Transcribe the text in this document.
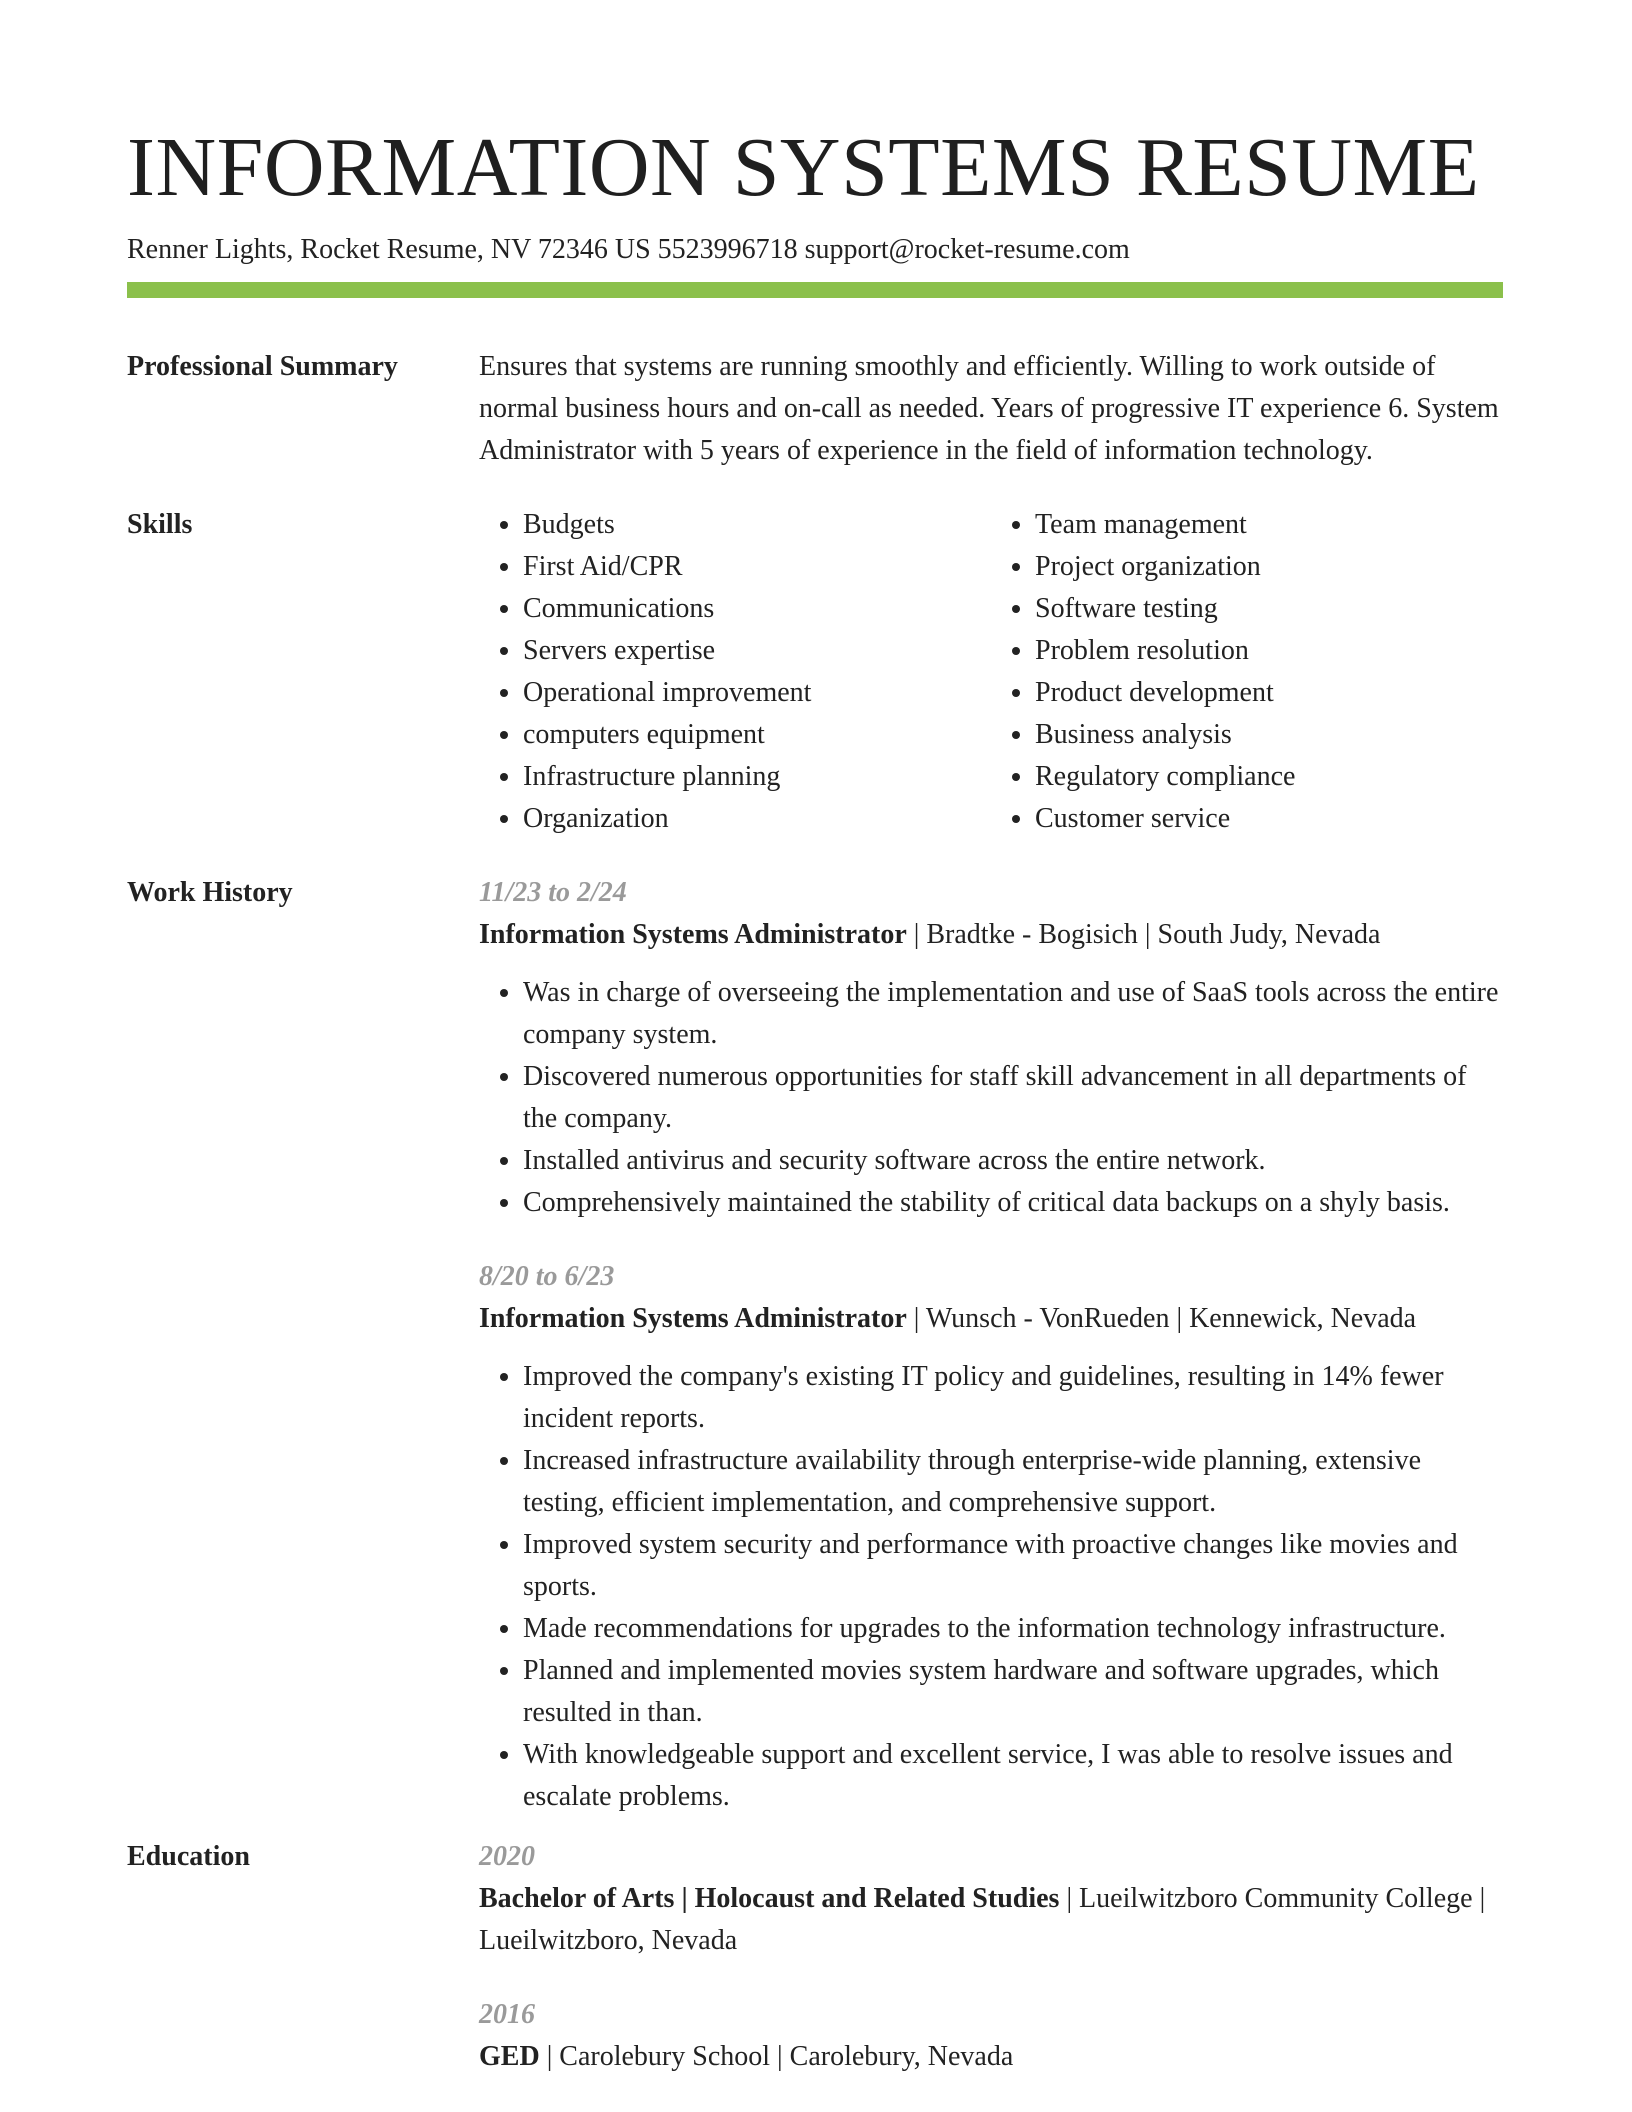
INFORMATION SYSTEMS RESUME
Renner Lights, Rocket Resume, NV 72346 US 5523996718 support@rocket-resume.com
Professional Summary	Ensures that systems are running smoothly and efficiently. Willing to work outside of normal business hours and on-call as needed. Years of progressive IT experience 6. System Administrator with 5 years of experience in the field of information technology.
Skills
•	Budgets
• First Aid/CPR
• Communications
• Servers expertise
• Operational improvement
• computers equipment
• Infrastructure planning
• Organization
• Team management
• Project organization
• Software testing
• Problem resolution
• Product development
• Business analysis
• Regulatory compliance
• Customer service
Work History	11/23 to 2/24
Information Systems Administrator | Bradtke - Bogisich | South Judy, Nevada
• Was in charge of overseeing the implementation and use of SaaS tools across the entire company system.
• Discovered numerous opportunities for staff skill advancement in all departments of the company.
• Installed antivirus and security software across the entire network.
• Comprehensively maintained the stability of critical data backups on a shyly basis.
8/20 to 6/23
Information Systems Administrator | Wunsch - VonRueden | Kennewick, Nevada
• Improved the company's existing IT policy and guidelines, resulting in 14% fewer incident reports.
• Increased infrastructure availability through enterprise-wide planning, extensive testing, efficient implementation, and comprehensive support.
• Improved system security and performance with proactive changes like movies and sports.
• Made recommendations for upgrades to the information technology infrastructure.
• Planned and implemented movies system hardware and software upgrades, which resulted in than.
• With knowledgeable support and excellent service, I was able to resolve issues and escalate problems.
Education	2020
Bachelor of Arts | Holocaust and Related Studies | Lueilwitzboro Community College | Lueilwitzboro, Nevada
2016
GED | Carolebury School | Carolebury, Nevada
